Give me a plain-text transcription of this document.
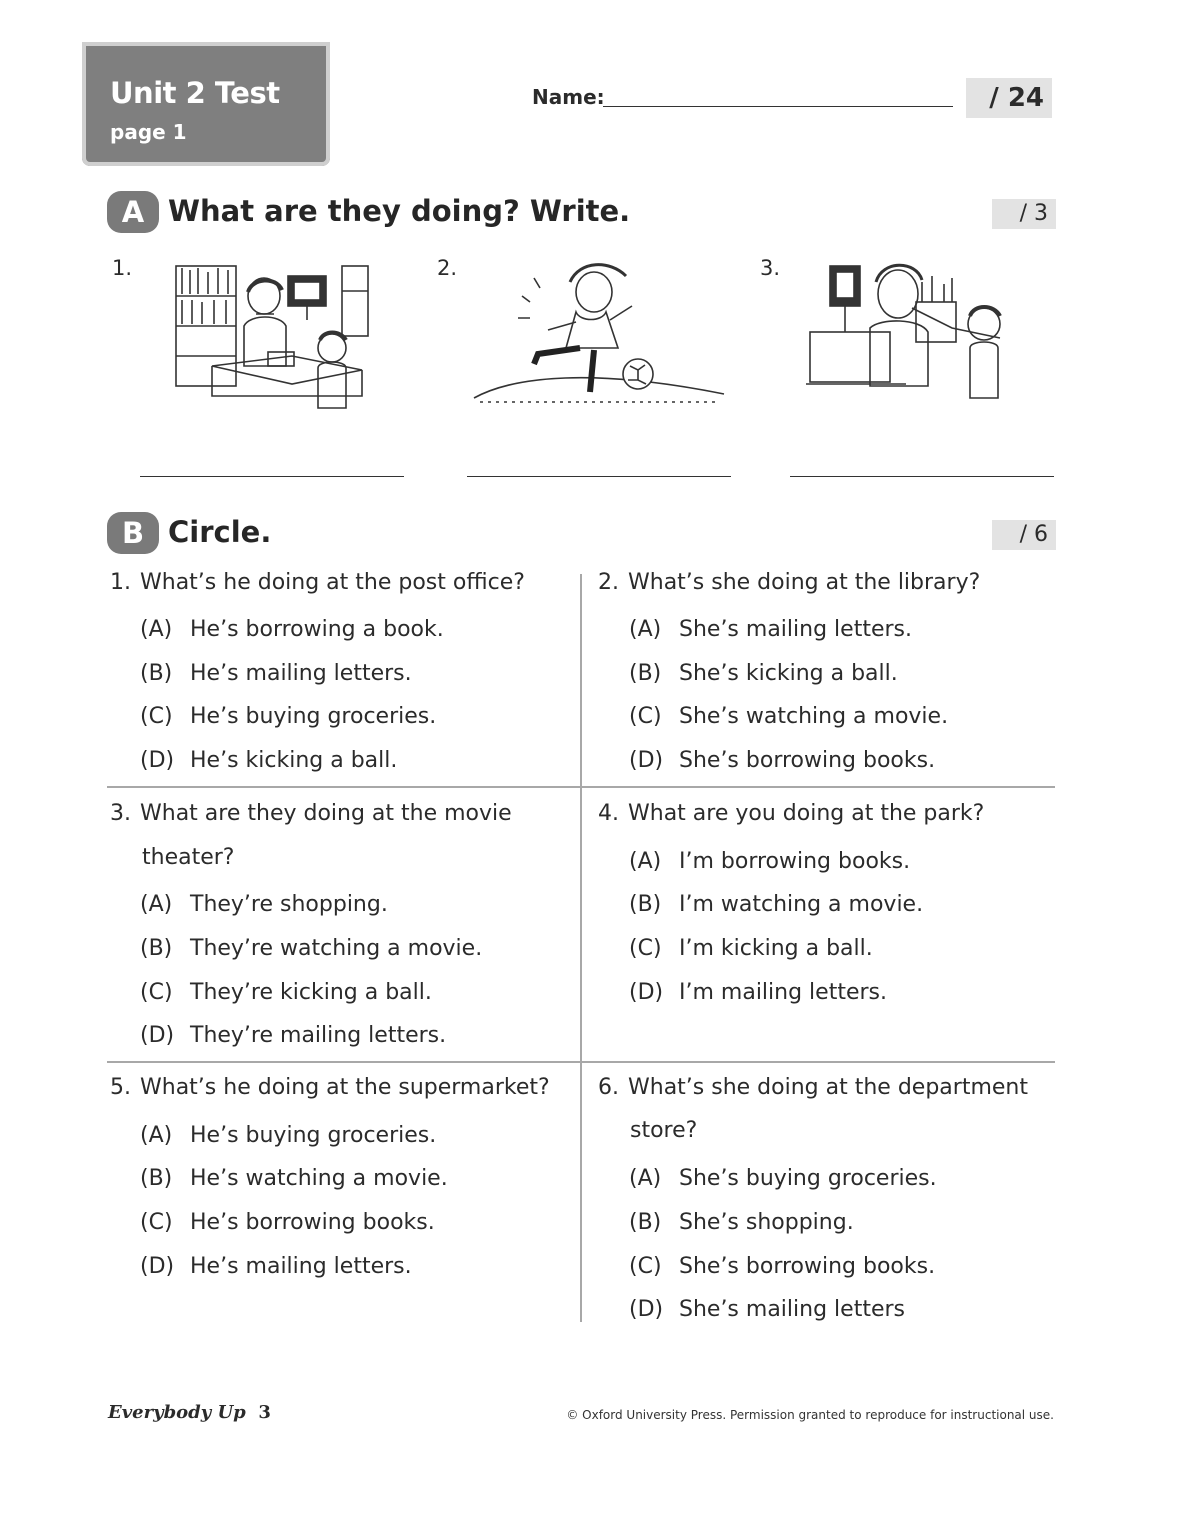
Unit 2 Test
page 1
Name:	/ 24
A What are they doing? Write.	/ 3
1.	2.	3.
B Circle.	/ 6
1. What’s he doing at the post office?
(A) He’s borrowing a book.
(B) He’s mailing letters.
(C) He’s buying groceries.
(D) He’s kicking a ball.
2. What’s she doing at the library?
(A) She’s mailing letters.
(B) She’s kicking a ball.
(C) She’s watching a movie.
(D) She’s borrowing books.
3. What are they doing at the movie
theater?
(A) They’re shopping.
(B) They’re watching a movie.
(C) They’re kicking a ball.
(D) They’re mailing letters.
4. What are you doing at the park?
(A) I’m borrowing books.
(B) I’m watching a movie.
(C) I’m kicking a ball.
(D) I’m mailing letters.
5. What’s he doing at the supermarket?
(A) He’s buying groceries.
(B) He’s watching a movie.
(C) He’s borrowing books.
(D) He’s mailing letters.
6. What’s she doing at the department
store?
(A) She’s buying groceries.
(B) She’s shopping.
(C) She’s borrowing books.
(D) She’s mailing letters
Everybody Up 3	© Oxford University Press. Permission granted to reproduce for instructional use.
